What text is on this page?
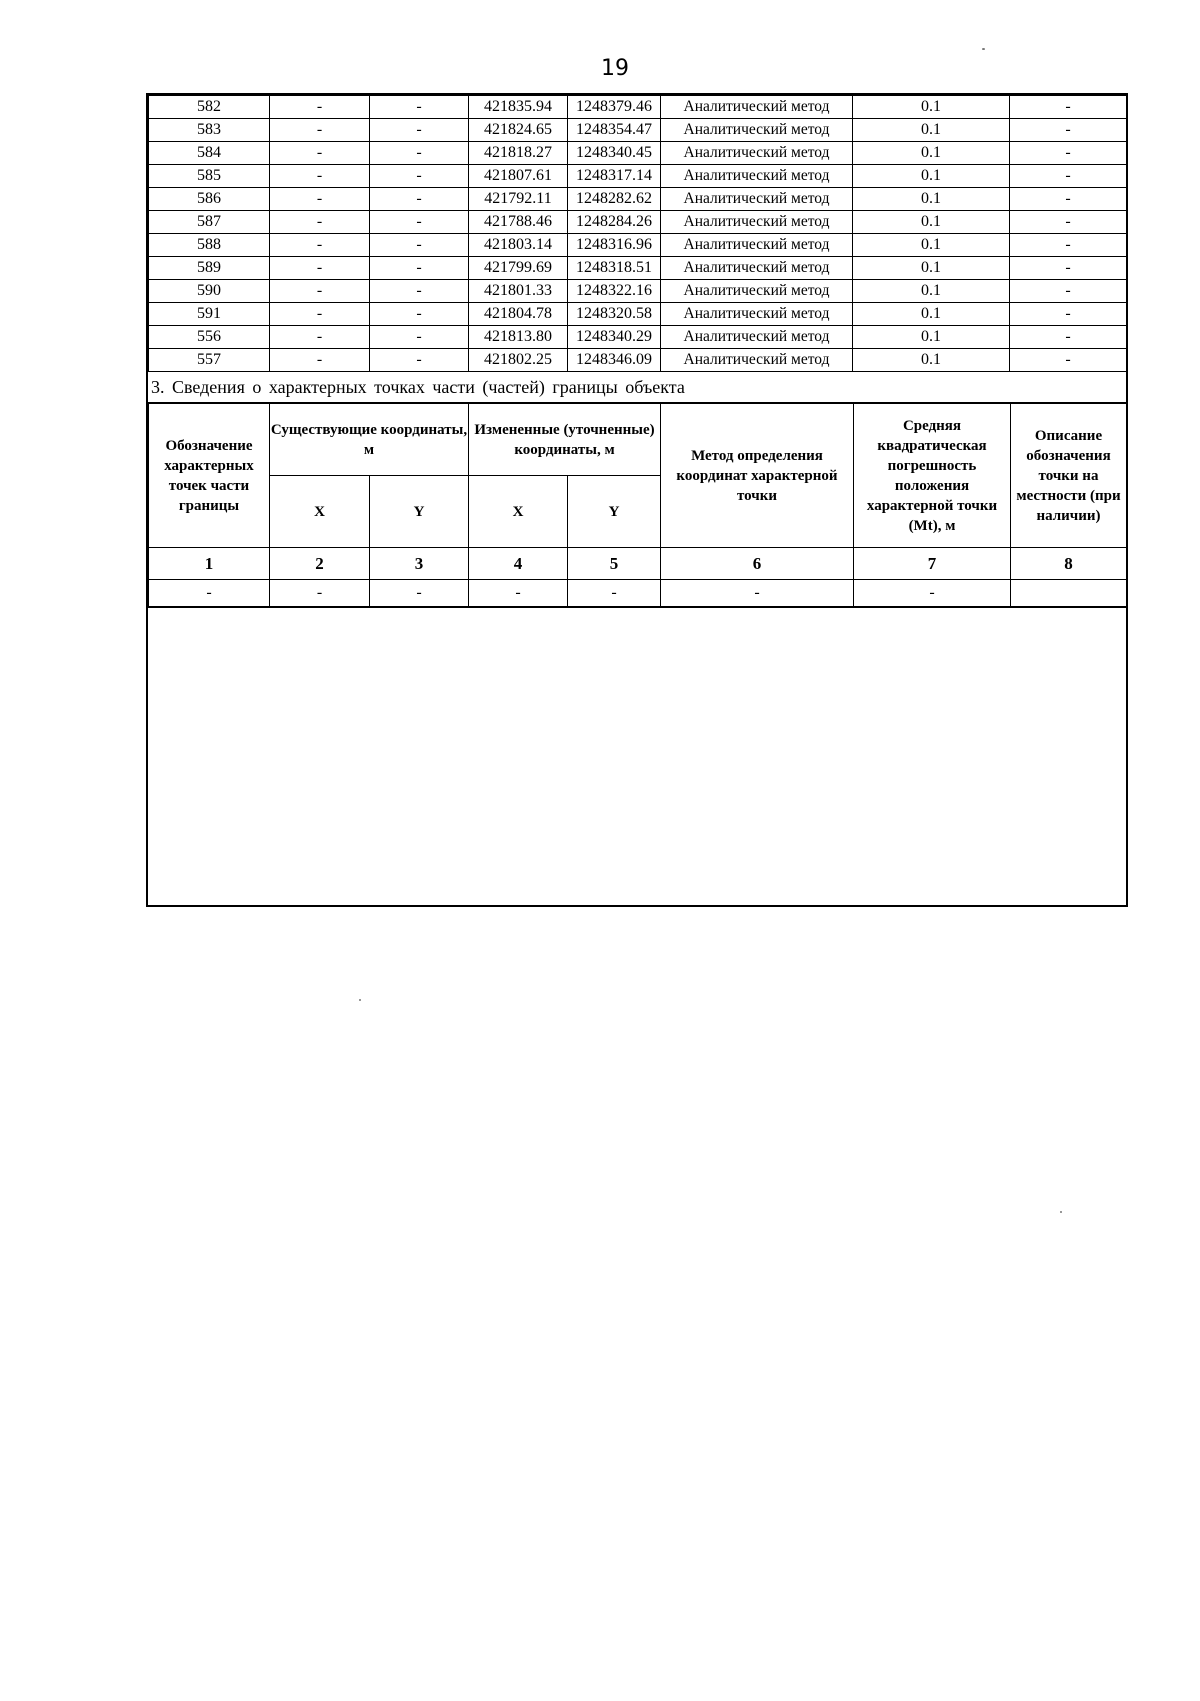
19
582	-	-	421835.94	1248379.46	Аналитический метод	0.1	-
583	-	-	421824.65	1248354.47	Аналитический метод	0.1	-
584	-	-	421818.27	1248340.45	Аналитический метод	0.1	-
585	-	-	421807.61	1248317.14	Аналитический метод	0.1	-
586	-	-	421792.11	1248282.62	Аналитический метод	0.1	-
587	-	-	421788.46	1248284.26	Аналитический метод	0.1	-
588	-	-	421803.14	1248316.96	Аналитический метод	0.1	-
589	-	-	421799.69	1248318.51	Аналитический метод	0.1	-
590	-	-	421801.33	1248322.16	Аналитический метод	0.1	-
591	-	-	421804.78	1248320.58	Аналитический метод	0.1	-
556	-	-	421813.80	1248340.29	Аналитический метод	0.1	-
557	-	-	421802.25	1248346.09	Аналитический метод	0.1	-
3. Сведения о характерных точках части (частей) границы объекта
Обозначение характерных точек части границы	Существующие координаты, м		Измененные (уточненные) координаты, м		Метод определения координат характерной точки	Средняя квадратическая погрешность положения характерной точки (Mt), м	Описание обозначения точки на местности (при наличии)
	X	Y	X	Y			
1	2	3	4	5	6	7	8
-	-	-	-	-	-	-	
